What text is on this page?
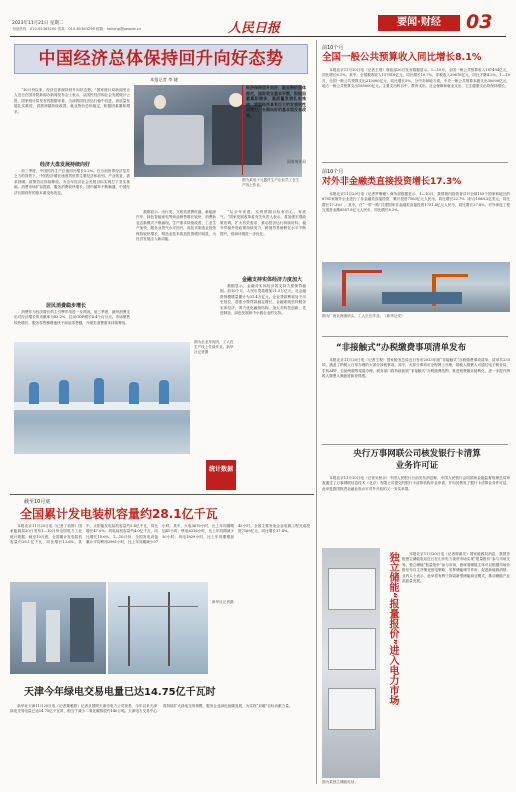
2023年11月21日 星期二
刊登热线：010-65363200 传真：010-65363299 邮箱：heilong@people.cn	人民日报	要闻·财经	03
中国经济总体保持回升向好态势
本报记者 李 婕
图为某电子元器件生产企业员工在生产线上作业。
经济保持回升向好，就业物价总体稳定，国际收支基本平衡，积极因素累积增多，高质量发展扎实推进，我国经济具有巨大的发展韧性和潜力，长期向好的基本面没有改变。
国家统计局
“10月份以来，经济总体保持回升向好态势。”国家统计局新闻发言人近日在国务院新闻办新闻发布会上表示，从国民经济和社会发展统计公报、国家统计局发布的数据来看，当前我国经济运行稳中有进，高质量发展扎实推进，供需两端持续改善，就业物价总体稳定，积极因素累积增多。
经济大盘发展持续向好
前三季度，中国国内生产总值同比增长5.2%。在当前世界经济复苏乏力的背景下，中国经济增长速度居世界主要经济体前列。产业恢复、需求回暖、政策效应持续释放，为全年经济社会发展目标实现打下坚实基础。消费市场扩容提质，服务消费较快增长，国内循环不断畅通，中国经济长期向好的基本面没有改变。
居民消费稳步增长
消费作为经济增长的主引擎作用进一步巩固。前三季度，最终消费支出对经济增长的贡献率为83.2%，拉动GDP增长4.4个百分点。市场销售较快增长，服务零售额增速快于商品零售额，升级类消费需求持续释放。
图为企业车间内，工人在生产线上忙碌作业。新华社记者摄
统计数据
数据显示，出行类、文旅类消费旺盛，新能源汽车、绿色智能家电等商品销售增长较快，消费新业态新模式不断涌现。生产需求持续改善，工业生产加快，服务业景气水平回升，高技术制造业投资保持较快增长，制造业技术改造投资增长明显，为经济发展注入新动能。
“从全年来看，实现预期目标有信心、有底气。”国家发展改革委有关负责人表示，将加强宏观政策协调，扩大有效需求，推动经济运行持续好转。稳外贸稳外资政策持续发力，跨境贸易便利化水平不断提升，营商环境进一步优化。
金融支持实体经济力度加大
数据显示，金融对实体经济的支持力度保持稳固。前10个月，人民币贷款增加21.5万亿元，社会融资规模增量累计为31.4万亿元。企业贷款利率处于历史低位，普惠小微贷款稳定增长。金融系统坚持服务实体经济，着力优化融资结构，加大对科技创新、先进制造、绿色发展和中小微企业的支持。
前10个月
全国一般公共预算收入同比增长8.1%
本报北京11月20日电（记者王观）财政部20日发布数据显示，1—10月，全国一般公共预算收入187494亿元，同比增长8.1%。其中，全国税收收入157818亿元，同比增长10.7%；非税收入29676亿元，同比下降4.2%。1—10月，全国一般公共预算支出215000亿元，同比增长5%。分中央和地方看，中央一般公共预算本级支出30000亿元，地方一般公共预算支出185000亿元。主要支出科目中，教育支出、社会保障和就业支出、卫生健康支出均保持增长。
前10个月
对外非金融类直接投资增长17.3%
本报北京11月20日电（记者罗珊珊）商务部数据显示，1—10月，我国境内投资者共对全球155个国家和地区的6781家境外企业进行了非金融类直接投资，累计投资7563亿元人民币，同比增长22.7%（折合1068.2亿美元，同比增长17.3%）。其中，在“一带一路”共建国家非金融类直接投资1751.4亿元人民币，同比增长27.8%。对外承包工程完成营业额8587.8亿元人民币，同比增长8.2%。
图为广西北海港码头，工人正在作业。（新华社发）
“非接触式”办税缴费事项清单发布
本报北京11月20日电（记者王观）国家税务总局近日发布2023年版“非接触式”办税缴费事项清单，清单共233项，涵盖了纳税人日常办理的大部分涉税事项。其中，大部分事项可全程网上办理，纳税人缴费人可通过电子税务局、手机APP、自助终端等渠道办理。税务部门将持续拓展“非接触式”办税缴费范围，推进税费服务便利化，进一步提升纳税人缴费人满意度和获得感。
央行万事网联公司核发银行卡清算业务许可证
本报北京11月20日电（记者吴秋余）中国人民银行日前发布消息称，中国人民银行会同国家金融监督管理总局审查通过了万事网联信息技术（北京）有限公司提交的银行卡清算机构开业申请，并向其核发了银行卡清算业务许可证。此举是我国推进金融业高水平对外开放的又一务实举措。
截至10月底
全国累计发电装机容量约28.1亿千瓦
本报北京11月20日电（记者丁怡婷）国家能源局20日发布1—10月份全国电力工业统计数据。截至10月底，全国累计发电装机容量约28.1亿千瓦，同比增长12.6%。其中，太阳能发电装机容量约5.4亿千瓦，同比增长47.0%；风电装机容量约4.0亿千瓦，同比增长15.6%。1—10月份，全国发电设备累计平均利用2981小时，比上年同期减少97小时。其中，火电3676小时，比上年同期增加41小时；核电6316小时，比上年同期减少50小时；风电1829小时，比上年同期增加45小时。全国主要发电企业电源工程完成投资7160亿元，同比增长37.4%。
独立储能“报量报价”进入电力市场	本报北京11月20日电（记者廖睿灵）国家能源局消息，我国首批独立储能电站近日在山东电力现货市场实现“报量报价”参与市场交易。独立储能“报量报价”参与市场，意味着储能主体可以根据市场价格信号自主决策充放电策略，发挥储能调节作用，促进新能源消纳。业内人士表示，此举将有利于探索新型储能商业模式，推动储能产业高质量发展。
图为某独立储能电站。
新华社记者摄
天津今年绿电交易电量已达14.75亿千瓦时
新华社天津11月20日电（记者栗雅婷）记者从国网天津市电力公司获悉，今年以来天津绿电交易电量已达14.75亿千瓦时，相当于减少二氧化碳排放约140万吨。天津电力交易中心将持续扩大绿电交易规模，服务企业绿色低碳发展，为实现“双碳”目标贡献力量。
